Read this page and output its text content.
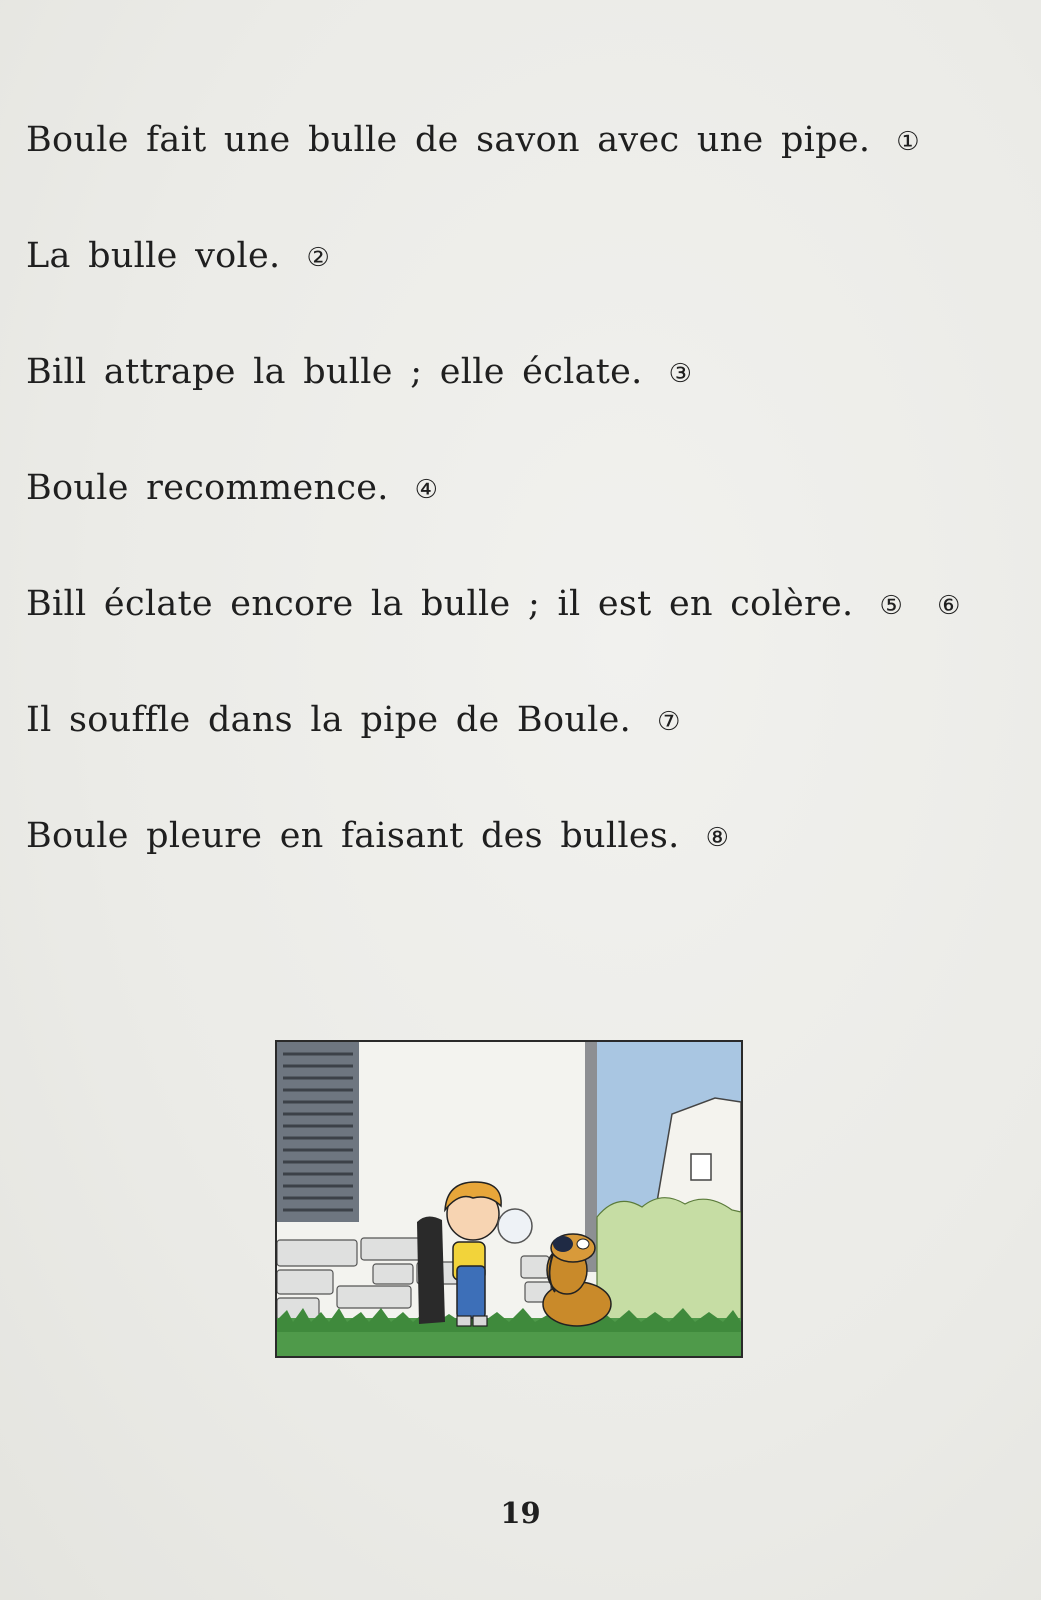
Boule fait une bulle de savon avec une pipe. ①
La bulle vole. ②
Bill attrape la bulle ; elle éclate. ③
Boule recommence. ④
Bill éclate encore la bulle ; il est en colère. ⑤ ⑥
Il souffle dans la pipe de Boule. ⑦
Boule pleure en faisant des bulles. ⑧
19
